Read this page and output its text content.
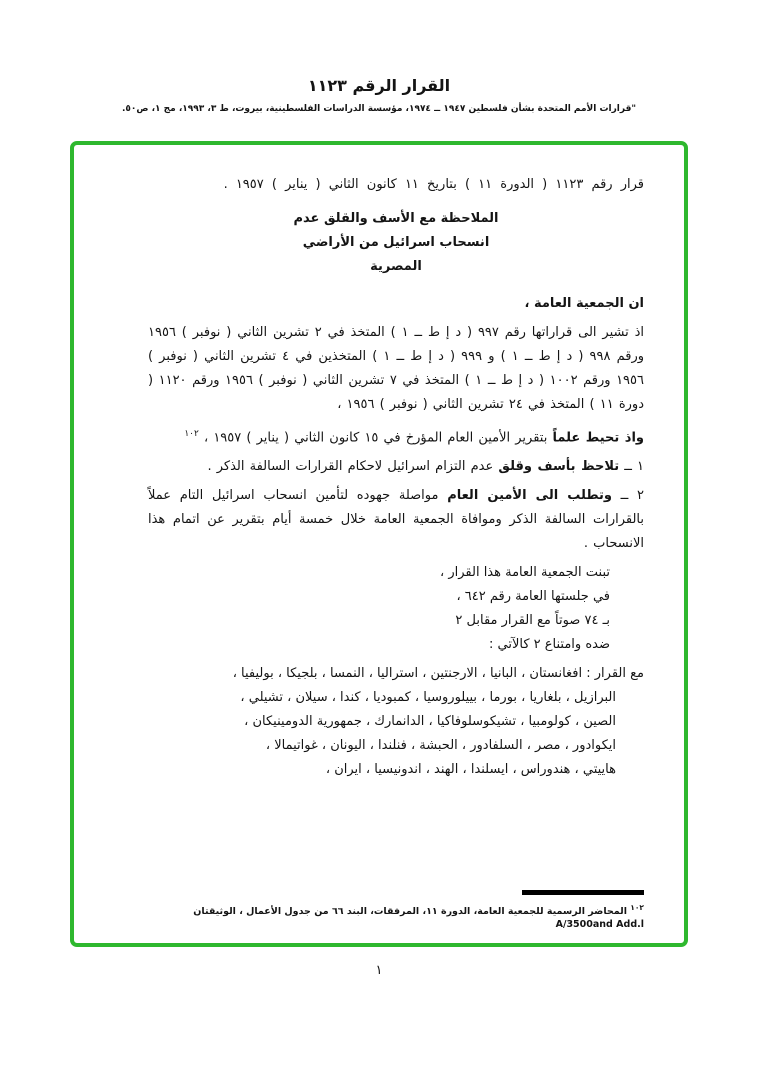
القرار الرقم ١١٢٣
"قرارات الأمم المتحدة بشأن فلسطين ١٩٤٧ ــ ١٩٧٤، مؤسسة الدراسات الفلسطينية، بيروت، ط ٣، ١٩٩٣، مج ١، ص٥٠.

قرار رقم ١١٢٣ ( الدورة ١١ ) بتاريخ ١١ كانون الثاني ( يناير ) ١٩٥٧ .

الملاحظة مع الأسف والقلق عدم
انسحاب اسرائيل من الأراضي
المصرية

ان الجمعية العامة ،

اذ تشير الى قراراتها رقم ٩٩٧ ( د إ ط ــ ١ ) المتخذ في ٢ تشرين الثاني ( نوفبر ) ١٩٥٦ ورقم ٩٩٨ ( د إ ط ــ ١ ) و ٩٩٩ ( د إ ط ــ ١ ) المتخذين في ٤ تشرين الثاني ( نوفبر ) ١٩٥٦ ورقم ١٠٠٢ ( د إ ط ــ ١ ) المتخذ في ٧ تشرين الثاني ( نوفبر ) ١٩٥٦ ورقم ١١٢٠ ( دورة ١١ ) المتخذ في ٢٤ تشرين الثاني ( نوفبر ) ١٩٥٦ ،

واذ تحيط علماً بتقرير الأمين العام المؤرخ في ١٥ كانون الثاني ( يناير ) ١٩٥٧ ، $^{١٠٢}$

١ ــ تلاحظ بأسف وقلق عدم التزام اسرائيل لاحكام القرارات السالفة الذكر .

٢ ــ وتطلب الى الأمين العام مواصلة جهوده لتأمين انسحاب اسرائيل التام عملاً بالقرارات السالفة الذكر وموافاة الجمعية العامة خلال خمسة أيام بتقرير عن اتمام هذا الانسحاب .

تبنت الجمعية العامة هذا القرار ،
في جلستها العامة رقم ٦٤٢ ،
بـ ٧٤ صوتاً مع القرار مقابل ٢
ضده وامتناع ٢ كالآتي :

مع القرار : افغانستان ، البانيا ، الارجنتين ، استراليا ، النمسا ، بلجيكا ، بوليفيا ، البرازيل ، بلغاريا ، بورما ، بييلوروسيا ، كمبوديا ، كندا ، سيلان ، تشيلي ، الصين ، كولومبيا ، تشيكوسلوفاكيا ، الدانمارك ، جمهورية الدومينيكان ، ايكوادور ، مصر ، السلفادور ، الحبشة ، فنلندا ، اليونان ، غواتيمالا ، هاييتي ، هندوراس ، ايسلندا ، الهند ، اندونيسيا ، ايران ،

$^{١٠٢}$ المحاضر الرسمية للجمعية العامة، الدورة ١١، المرفقات، البند ٦٦ من جدول الأعمال ، الوثيقتان A/3500and Add.l

١
